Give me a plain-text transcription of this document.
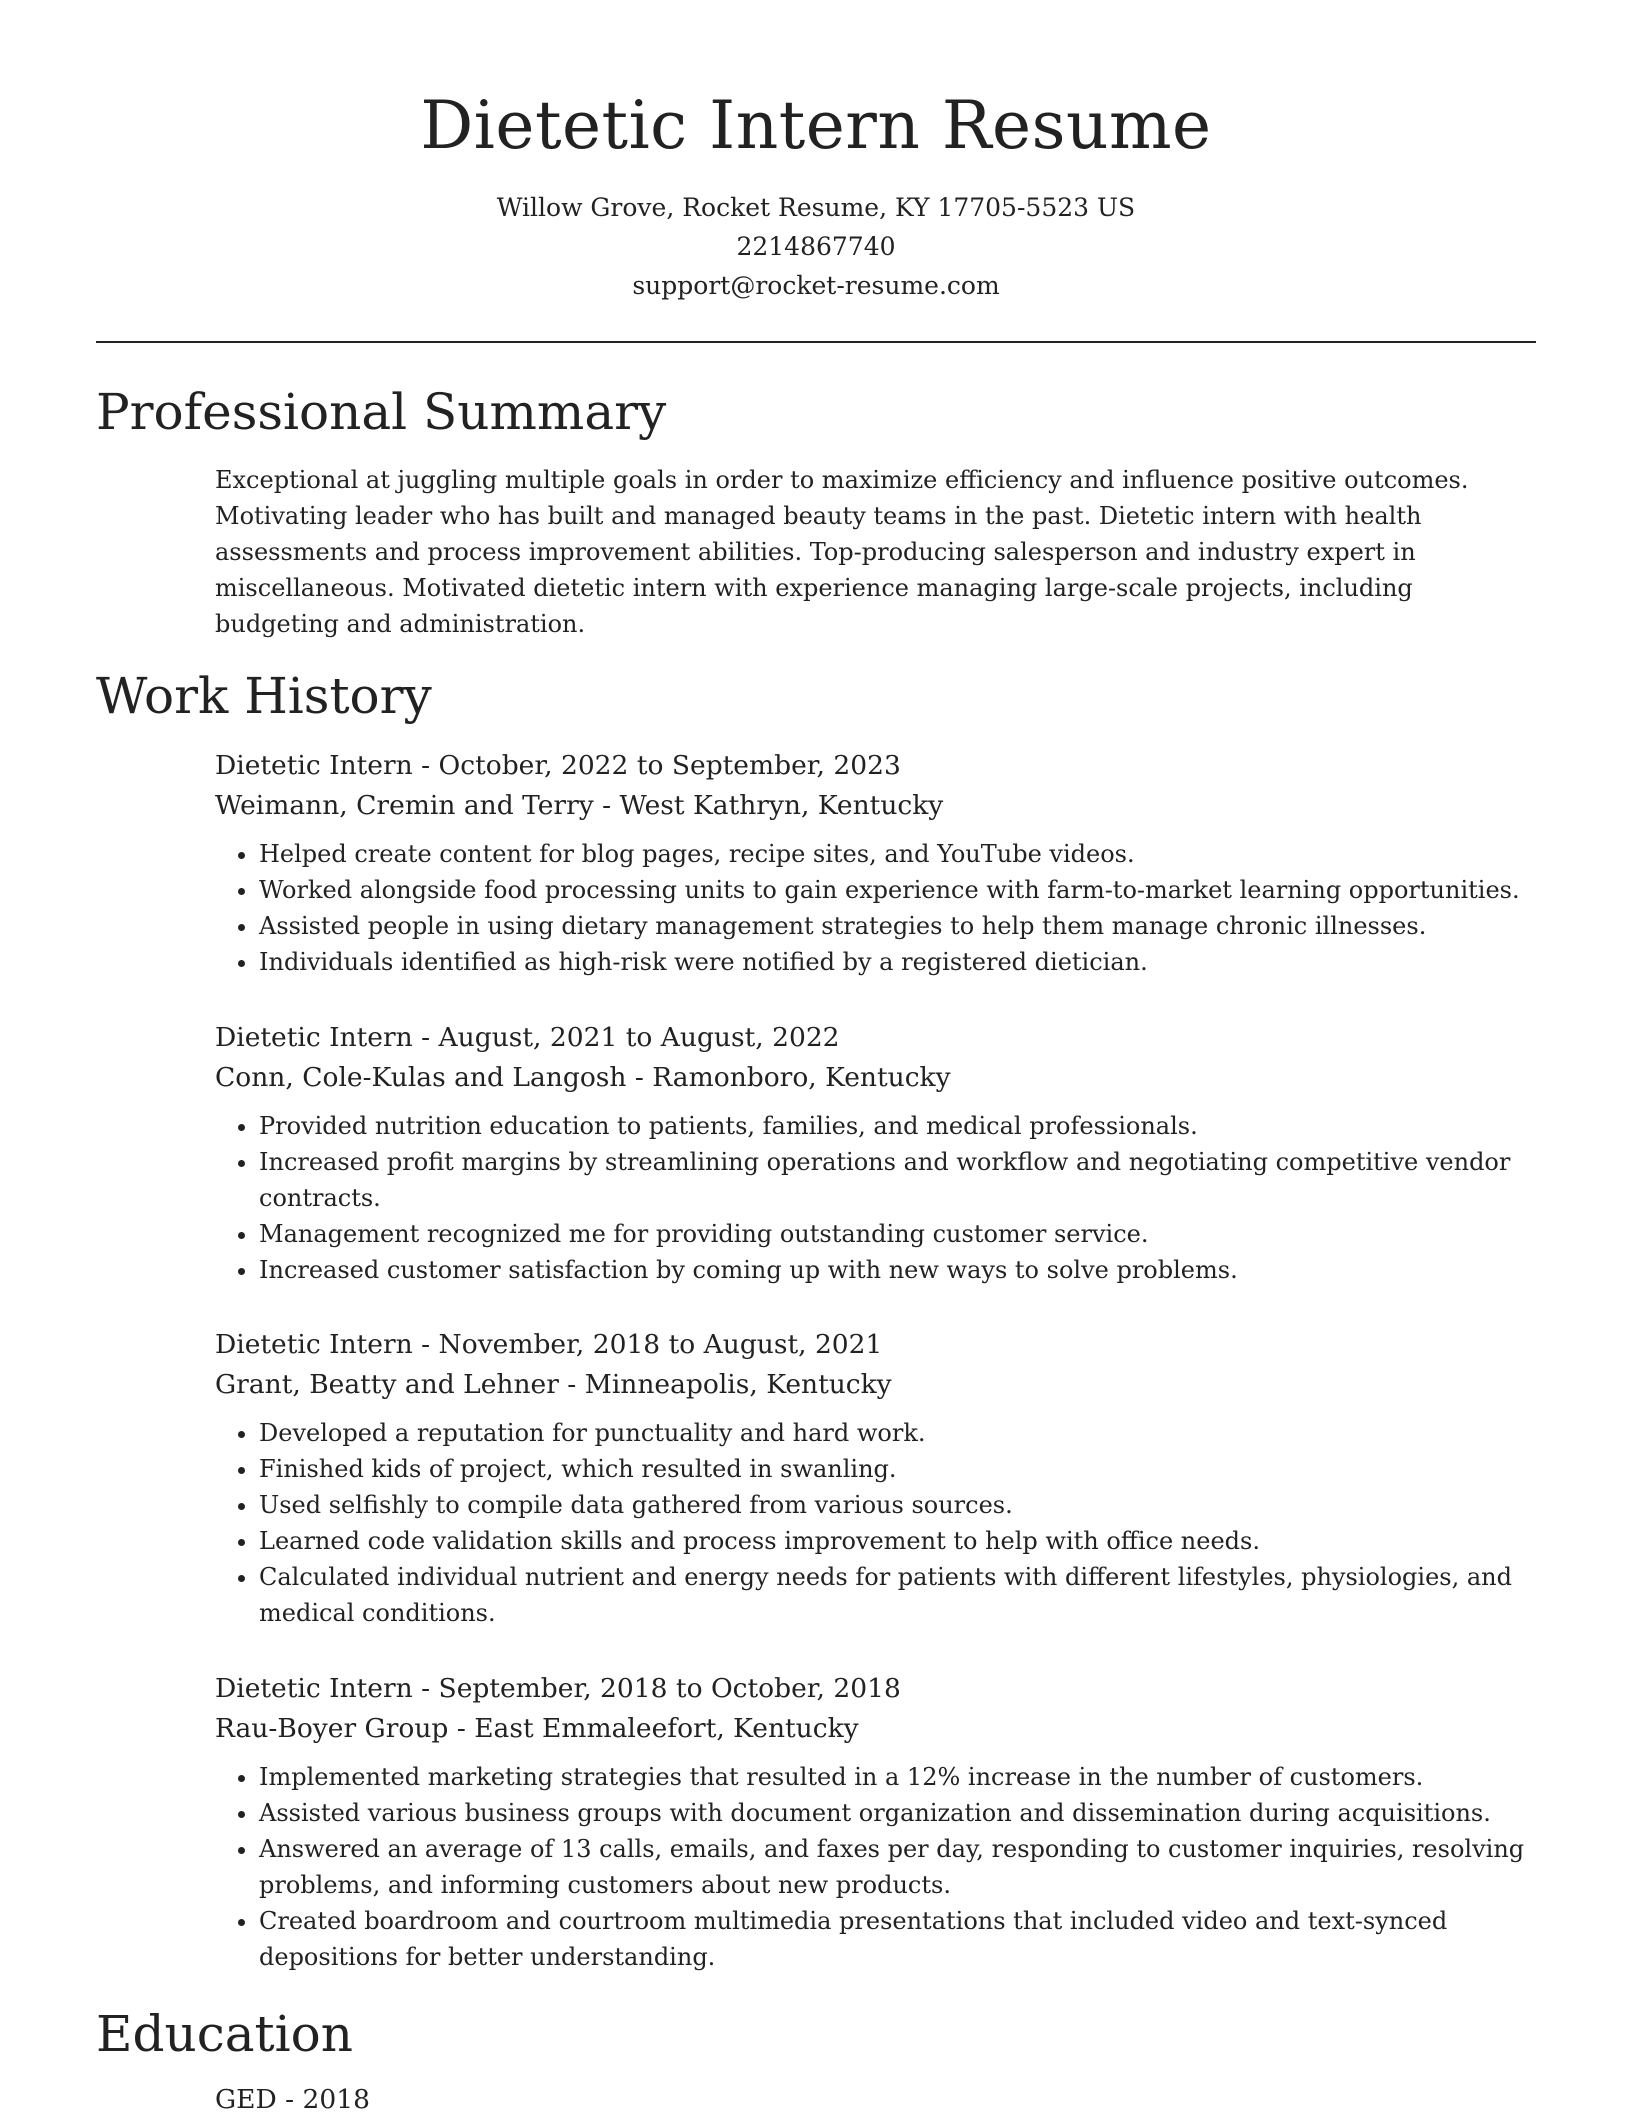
Dietetic Intern Resume
Willow Grove, Rocket Resume, KY 17705-5523 US
2214867740
support@rocket-resume.com
Professional Summary

Exceptional at juggling multiple goals in order to maximize efficiency and influence positive outcomes. Motivating leader who has built and managed beauty teams in the past. Dietetic intern with health assessments and process improvement abilities. Top-producing salesperson and industry expert in miscellaneous. Motivated dietetic intern with experience managing large-scale projects, including budgeting and administration.

Work History
Dietetic Intern - October, 2022 to September, 2023
Weimann, Cremin and Terry - West Kathryn, Kentucky
• Helped create content for blog pages, recipe sites, and YouTube videos.
• Worked alongside food processing units to gain experience with farm-to-market learning opportunities.
• Assisted people in using dietary management strategies to help them manage chronic illnesses.
• Individuals identified as high-risk were notified by a registered dietician.
Dietetic Intern - August, 2021 to August, 2022
Conn, Cole-Kulas and Langosh - Ramonboro, Kentucky
• Provided nutrition education to patients, families, and medical professionals.
• Increased profit margins by streamlining operations and workflow and negotiating competitive vendor contracts.
• Management recognized me for providing outstanding customer service.
• Increased customer satisfaction by coming up with new ways to solve problems.
Dietetic Intern - November, 2018 to August, 2021
Grant, Beatty and Lehner - Minneapolis, Kentucky
• Developed a reputation for punctuality and hard work.
• Finished kids of project, which resulted in swanling.
• Used selfishly to compile data gathered from various sources.
• Learned code validation skills and process improvement to help with office needs.
• Calculated individual nutrient and energy needs for patients with different lifestyles, physiologies, and medical conditions.
Dietetic Intern - September, 2018 to October, 2018
Rau-Boyer Group - East Emmaleefort, Kentucky
• Implemented marketing strategies that resulted in a 12% increase in the number of customers.
• Assisted various business groups with document organization and dissemination during acquisitions.
• Answered an average of 13 calls, emails, and faxes per day, responding to customer inquiries, resolving problems, and informing customers about new products.
• Created boardroom and courtroom multimedia presentations that included video and text-synced depositions for better understanding.
Education
GED - 2018
